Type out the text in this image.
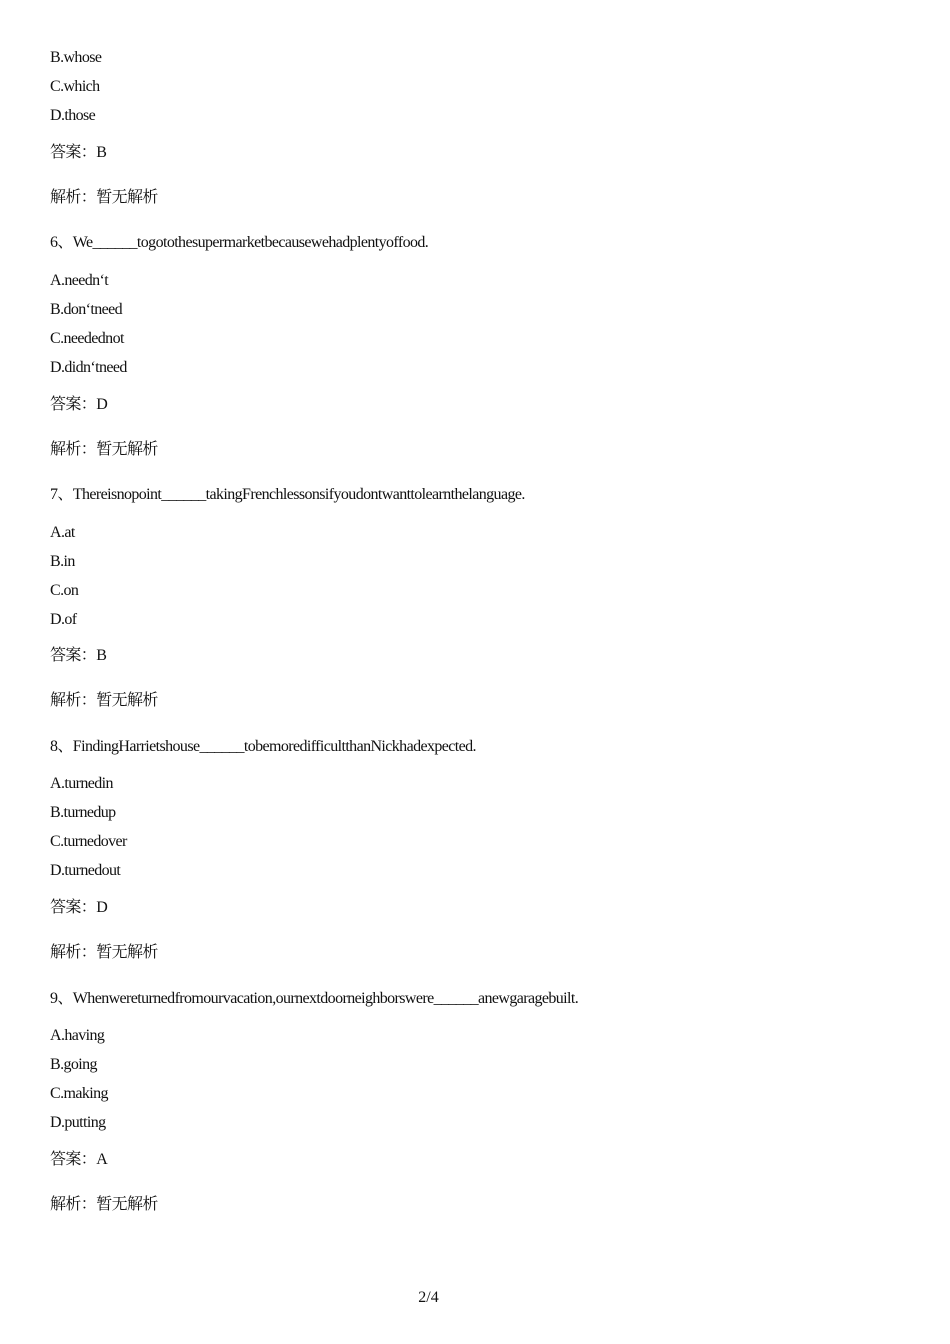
B.whose
C.which
D.those
答案：B
解析：暂无解析
6、We______togotothesupermarketbecausewehadplentyoffood.
A.needn‘t
B.don‘tneed
C.needednot
D.didn‘tneed
答案：D
解析：暂无解析
7、Thereisnopoint______takingFrenchlessonsifyoudontwanttolearnthelanguage.
A.at
B.in
C.on
D.of
答案：B
解析：暂无解析
8、FindingHarrietshouse______tobemoredifficultthanNickhadexpected.
A.turnedin
B.turnedup
C.turnedover
D.turnedout
答案：D
解析：暂无解析
9、Whenwereturnedfromourvacation,ournextdoorneighborswere______anewgaragebuilt.
A.having
B.going
C.making
D.putting
答案：A
解析：暂无解析
2/4
